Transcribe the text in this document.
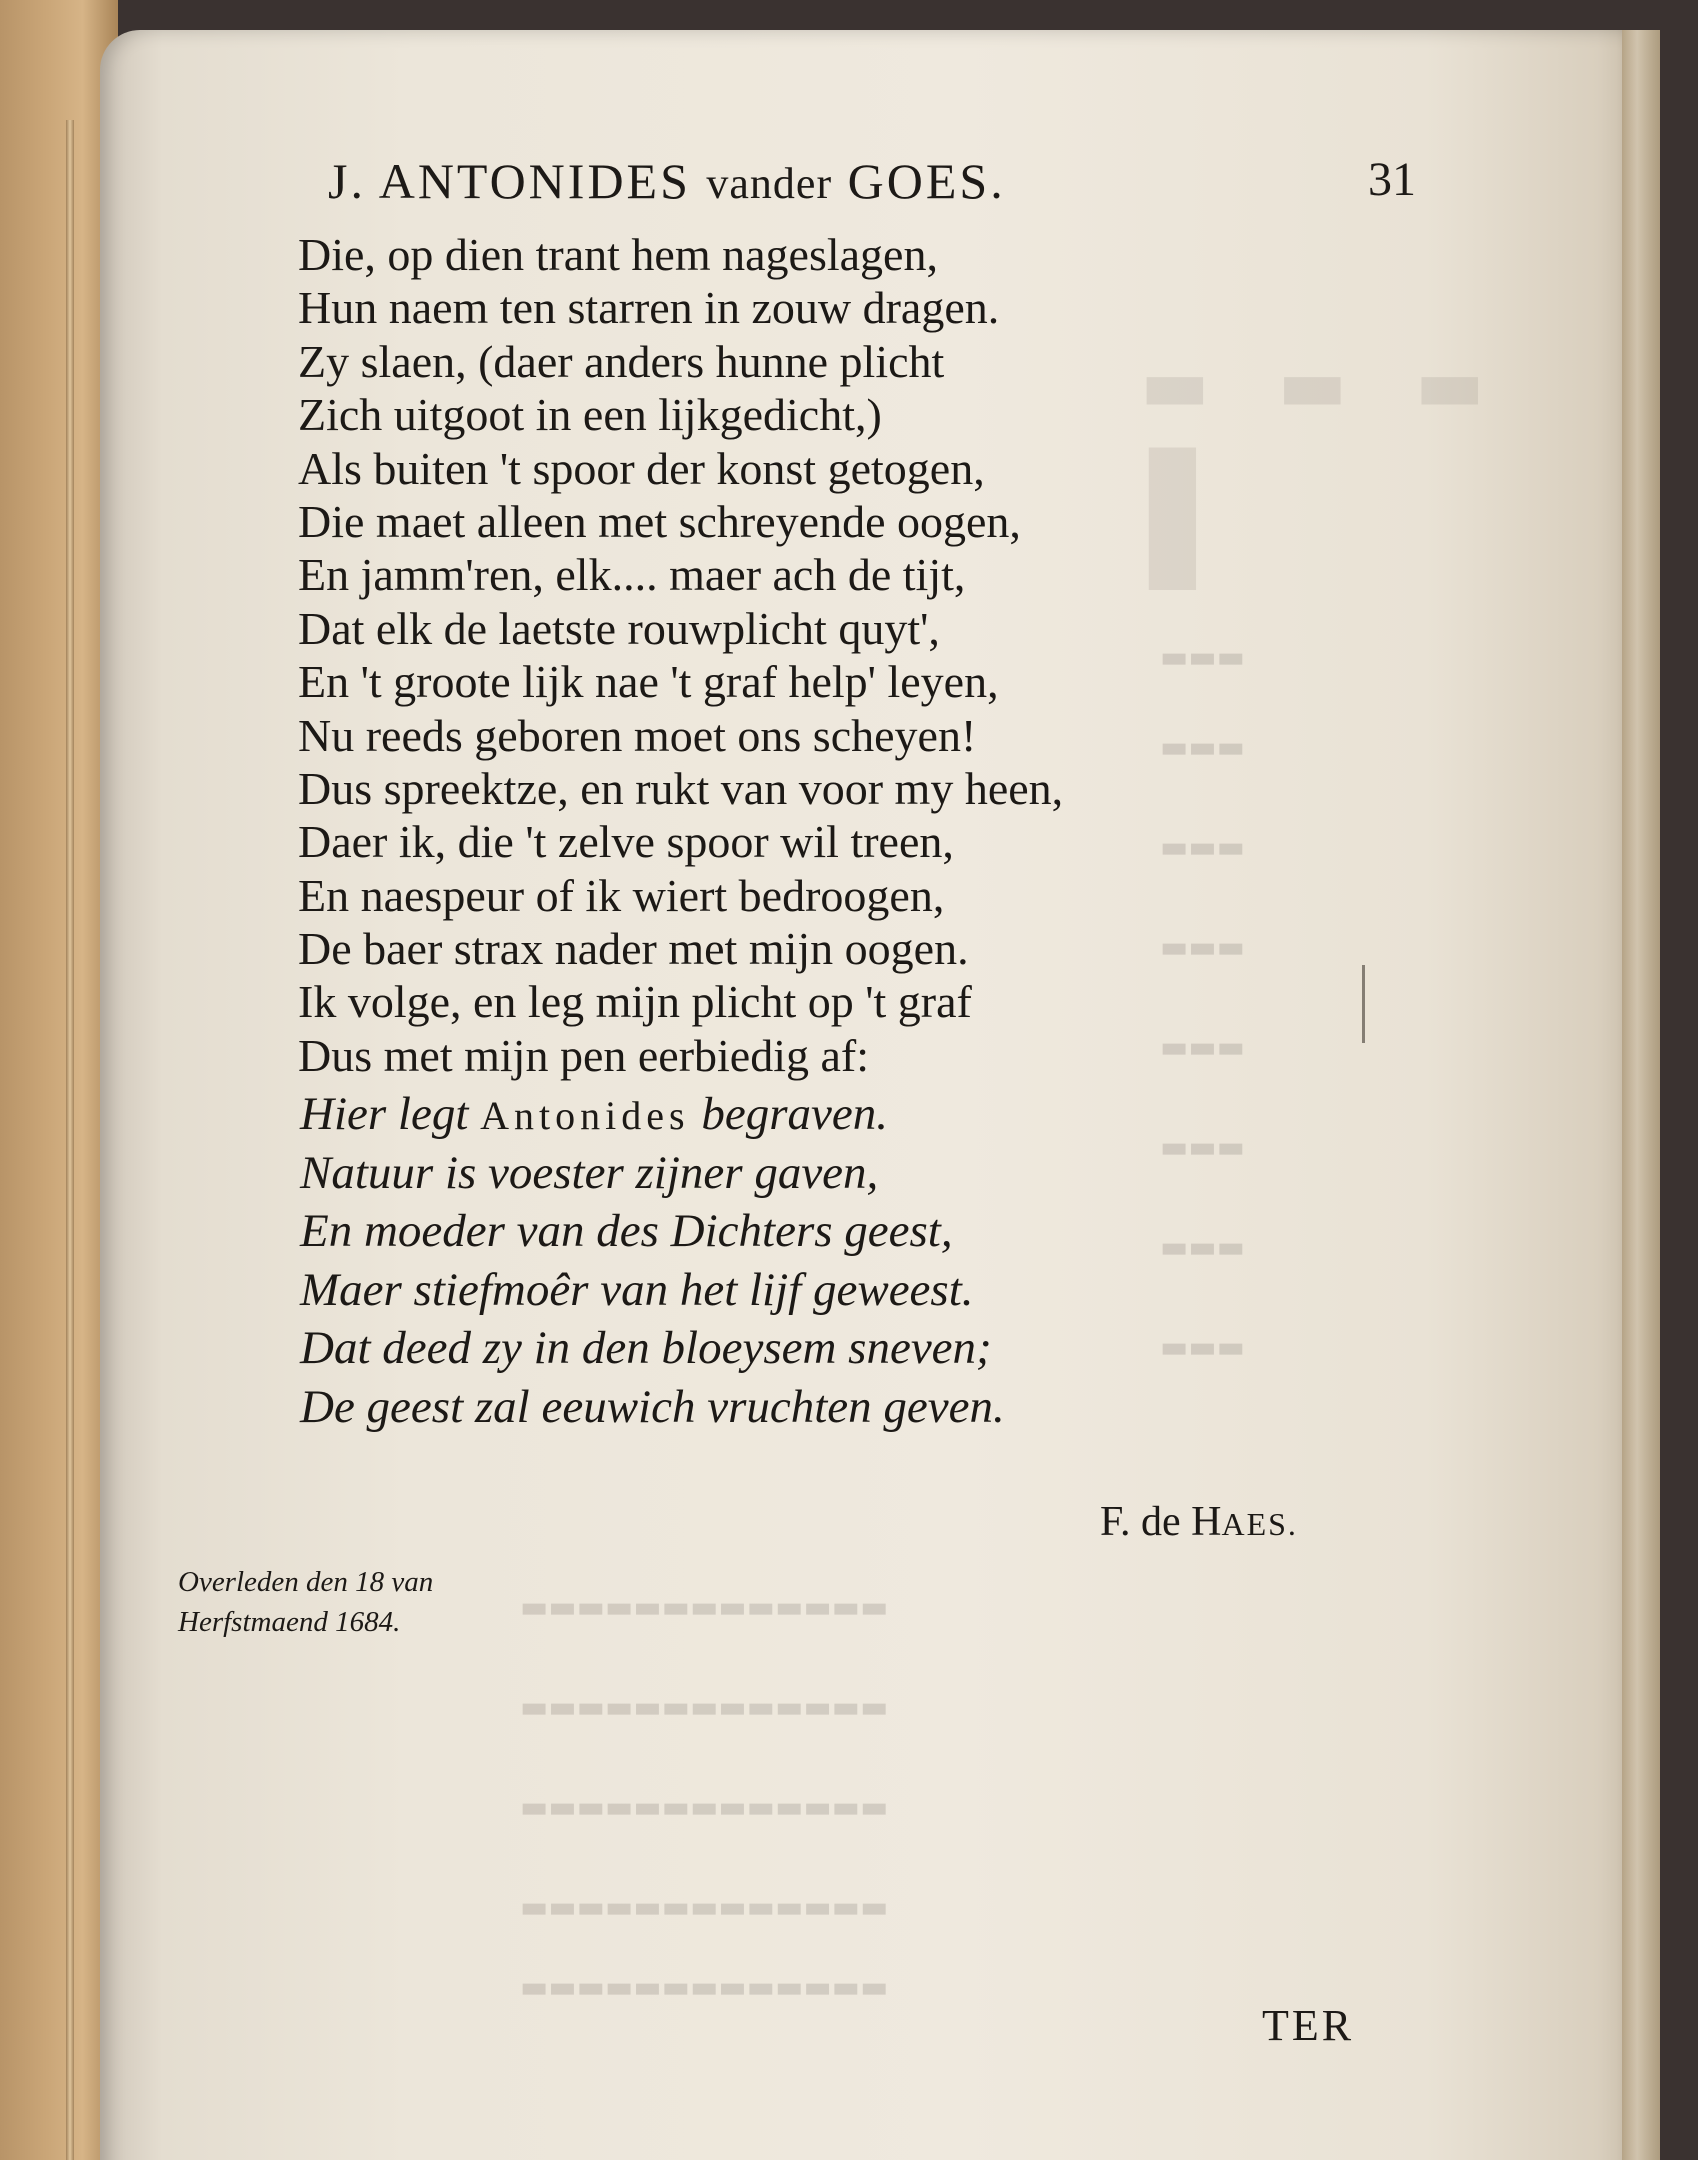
▬ ▬ ▬
▌
▬▬▬
▬▬▬
▬▬▬
▬▬▬
▬▬▬
▬▬▬
▬▬▬
▬▬▬
▬▬▬▬▬▬▬▬▬▬▬▬▬
▬▬▬▬▬▬▬▬▬▬▬▬▬
▬▬▬▬▬▬▬▬▬▬▬▬▬
▬▬▬▬▬▬▬▬▬▬▬▬▬
▬▬▬▬▬▬▬▬▬▬▬▬▬
J. ANTONIDES vander GOES.	31
Die, op dien trant hem nageslagen,
Hun naem ten starren in zouw dragen.
Zy slaen, (daer anders hunne plicht
Zich uitgoot in een lijkgedicht,)
Als buiten 't spoor der konst getogen,
Die maet alleen met schreyende oogen,
En jamm'ren, elk.... maer ach de tijt,
Dat elk de laetste rouwplicht quyt',
En 't groote lijk nae 't graf help' leyen,
Nu reeds geboren moet ons scheyen!
Dus spreektze, en rukt van voor my heen,
Daer ik, die 't zelve spoor wil treen,
En naespeur of ik wiert bedroogen,
De baer strax nader met mijn oogen.
Ik volge, en leg mijn plicht op 't graf
Dus met mijn pen eerbiedig af:
Hier legt Antonides begraven.
Natuur is voester zijner gaven,
En moeder van des Dichters geest,
Maer stiefmoêr van het lijf geweest.
Dat deed zy in den bloeysem sneven;
De geest zal eeuwich vruchten geven.
F. de HAES.
Overleden den 18 van
Herfstmaend 1684.
TER
